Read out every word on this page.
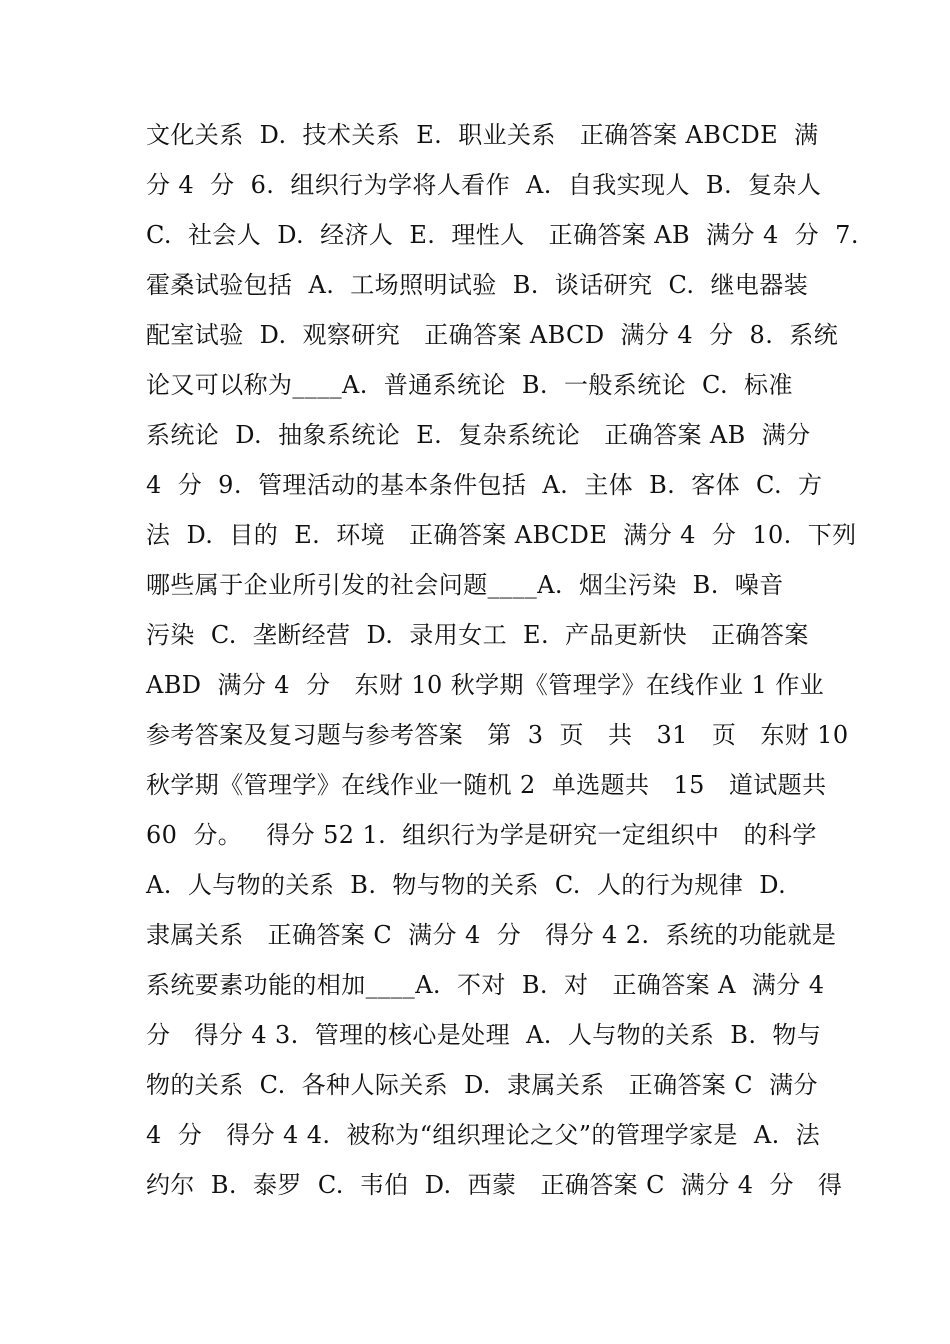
文化关系  D.  技术关系  E.  职业关系   正确答案 ABCDE  满
分 4  分  6.  组织行为学将人看作  A.  自我实现人  B.  复杂人
C.  社会人  D.  经济人  E.  理性人   正确答案 AB  满分 4  分  7.
霍桑试验包括  A.  工场照明试验  B.  谈话研究  C.  继电器装
配室试验  D.  观察研究   正确答案 ABCD  满分 4  分  8.  系统
论又可以称为____A.  普通系统论  B.  一般系统论  C.  标准
系统论  D.  抽象系统论  E.  复杂系统论   正确答案 AB  满分
4  分  9.  管理活动的基本条件包括  A.  主体  B.  客体  C.  方
法  D.  目的  E.  环境   正确答案 ABCDE  满分 4  分  10.  下列
哪些属于企业所引发的社会问题____A.  烟尘污染  B.  噪音
污染  C.  垄断经营  D.  录用女工  E.  产品更新快   正确答案
ABD  满分 4  分   东财 10 秋学期《管理学》在线作业 1 作业
参考答案及复习题与参考答案   第  3  页   共   31   页   东财 10
秋学期《管理学》在线作业一随机 2  单选题共   15   道试题共
60  分。   得分 52 1.  组织行为学是研究一定组织中   的科学
A.  人与物的关系  B.  物与物的关系  C.  人的行为规律  D.
隶属关系   正确答案 C  满分 4  分   得分 4 2.  系统的功能就是
系统要素功能的相加____A.  不对  B.  对   正确答案 A  满分 4
分   得分 4 3.  管理的核心是处理  A.  人与物的关系  B.  物与
物的关系  C.  各种人际关系  D.  隶属关系   正确答案 C  满分
4  分   得分 4 4.  被称为“组织理论之父”的管理学家是  A.  法
约尔  B.  泰罗  C.  韦伯  D.  西蒙   正确答案 C  满分 4  分   得
